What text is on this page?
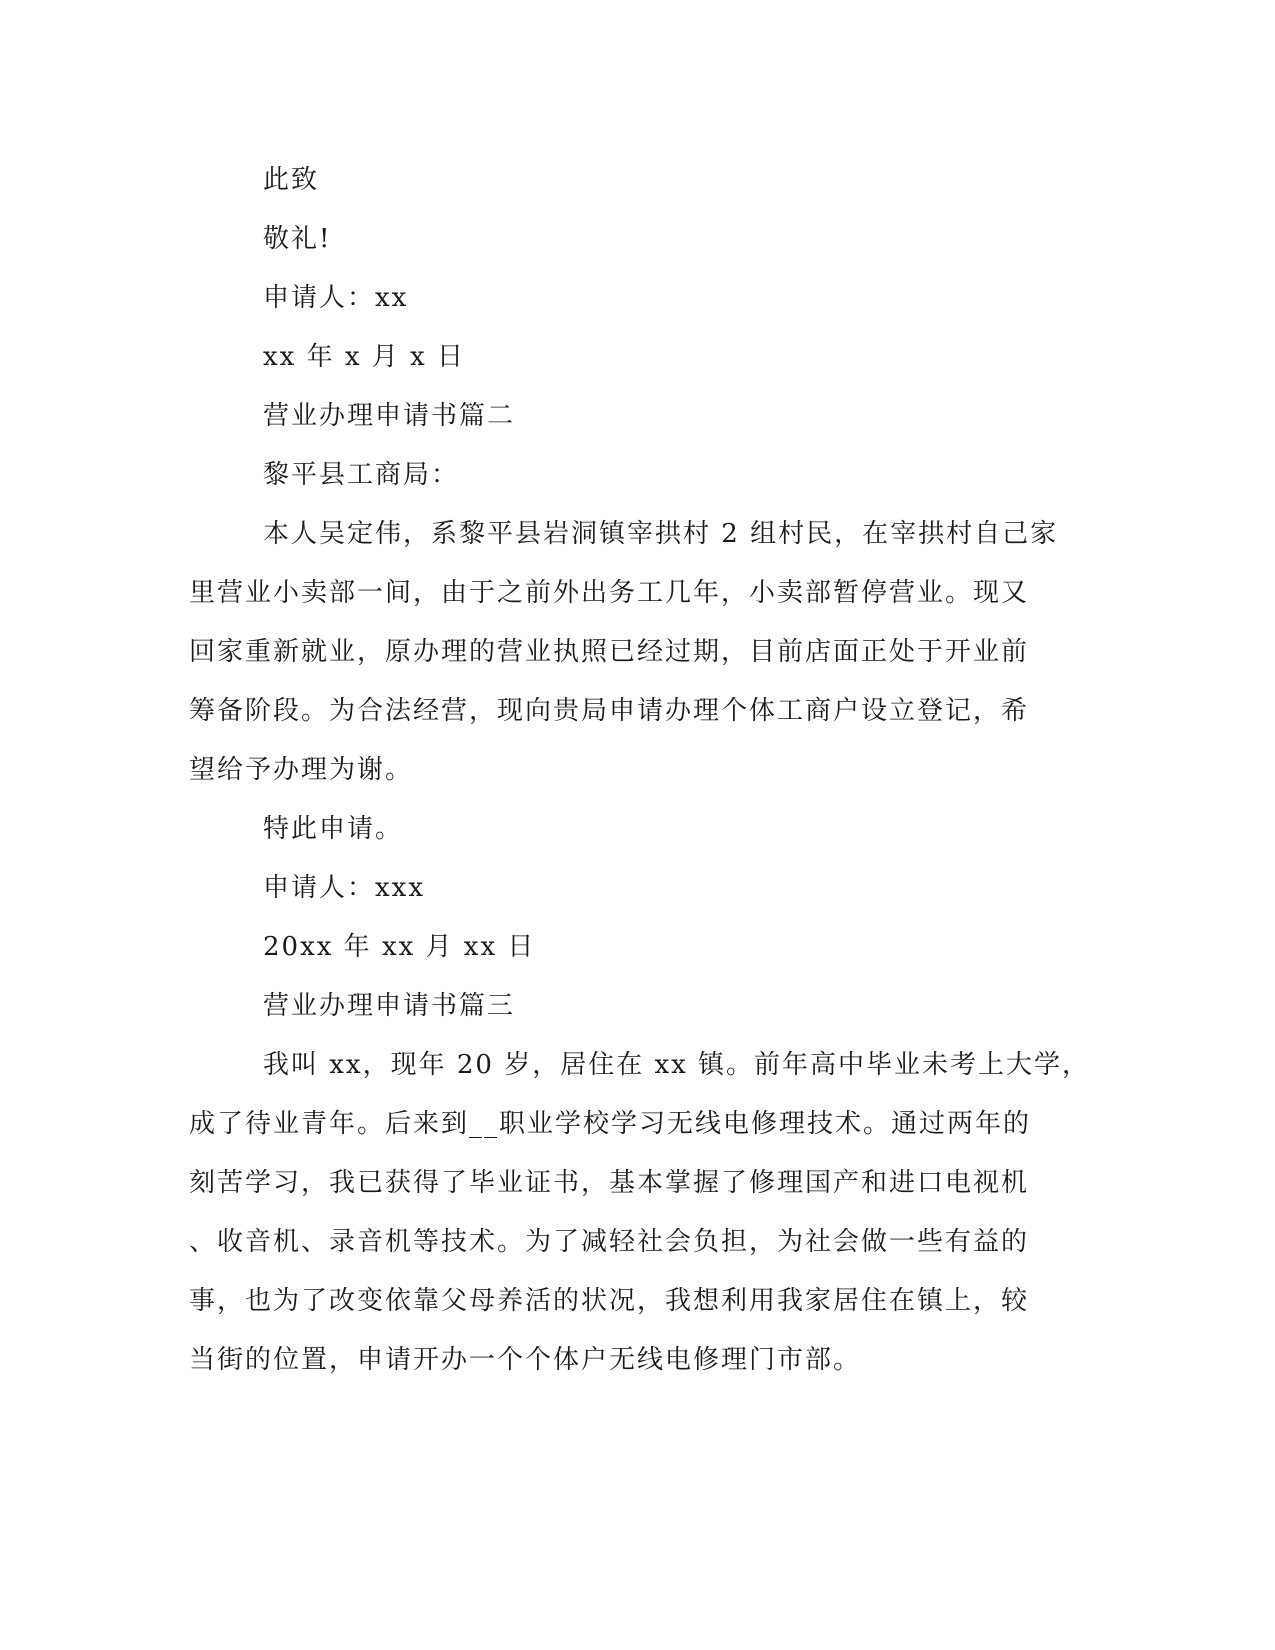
此致
敬礼!
申请人：xx
xx 年 x 月 x 日
营业办理申请书篇二
黎平县工商局：
本人吴定伟，系黎平县岩洞镇宰拱村 2 组村民，在宰拱村自己家
里营业小卖部一间，由于之前外出务工几年，小卖部暂停营业。现又
回家重新就业，原办理的营业执照已经过期，目前店面正处于开业前
筹备阶段。为合法经营，现向贵局申请办理个体工商户设立登记，希
望给予办理为谢。
特此申请。
申请人：xxx
20xx 年 xx 月 xx 日
营业办理申请书篇三
我叫 xx，现年 20 岁，居住在 xx 镇。前年高中毕业未考上大学，
成了待业青年。后来到__职业学校学习无线电修理技术。通过两年的
刻苦学习，我已获得了毕业证书，基本掌握了修理国产和进口电视机
、收音机、录音机等技术。为了减轻社会负担，为社会做一些有益的
事，也为了改变依靠父母养活的状况，我想利用我家居住在镇上，较
当街的位置，申请开办一个个体户无线电修理门市部。
